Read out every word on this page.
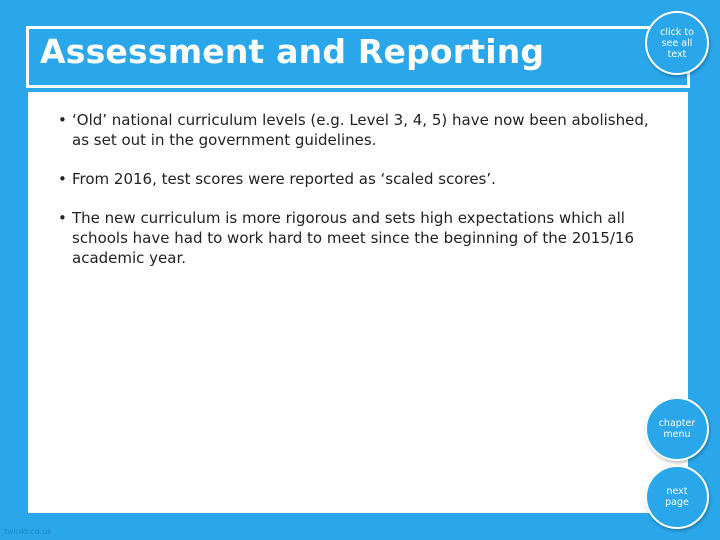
Assessment and Reporting
• ‘Old’ national curriculum levels (e.g. Level 3, 4, 5) have now been abolished, as set out in the government guidelines.
• From 2016, test scores were reported as ‘scaled scores’.
• The new curriculum is more rigorous and sets high expectations which all schools have had to work hard to meet since the beginning of the 2015/16 academic year.
click to see all text
chapter menu
next page
twinkl.co.uk
